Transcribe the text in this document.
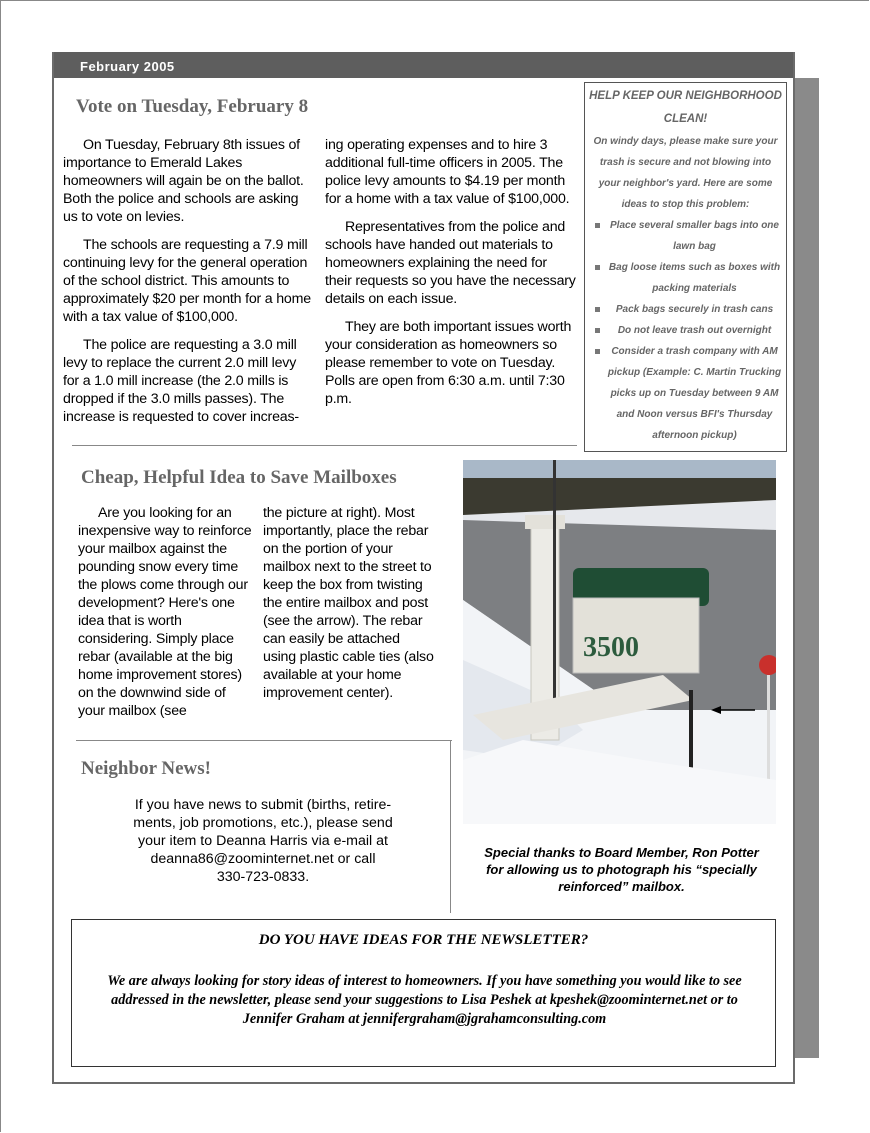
February 2005
Vote on Tuesday, February 8

On Tuesday, February 8th issues of importance to Emerald Lakes homeowners will again be on the ballot. Both the police and schools are asking us to vote on levies.

The schools are requesting a 7.9 mill continuing levy for the general operation of the school district. This amounts to approximately $20 per month for a home with a tax value of $100,000.

The police are requesting a 3.0 mill levy to replace the current 2.0 mill levy for a 1.0 mill increase (the 2.0 mills is dropped if the 3.0 mills passes). The increase is requested to cover increas-

ing operating expenses and to hire 3 additional full-time officers in 2005. The police levy amounts to $4.19 per month for a home with a tax value of $100,000.

Representatives from the police and schools have handed out materials to homeowners explaining the need for their requests so you have the necessary details on each issue.

They are both important issues worth your consideration as homeowners so please remember to vote on Tuesday. Polls are open from 6:30 a.m. until 7:30 p.m.

HELP KEEP OUR NEIGHBORHOOD CLEAN!
On windy days, please make sure your trash is secure and not blowing into your neighbor's yard. Here are some ideas to stop this problem:
Place several smaller bags into one lawn bag
Bag loose items such as boxes with packing materials
Pack bags securely in trash cans
Do not leave trash out overnight
Consider a trash company with AM pickup (Example: C. Martin Trucking picks up on Tuesday between 9 AM and Noon versus BFI's Thursday afternoon pickup)
Cheap, Helpful Idea to Save Mailboxes

Are you looking for an inexpensive way to reinforce your mailbox against the pounding snow every time the plows come through our development? Here's one idea that is worth considering. Simply place rebar (available at the big home improvement stores) on the downwind side of your mailbox (see

the picture at right). Most importantly, place the rebar on the portion of your mailbox next to the street to keep the box from twisting the entire mailbox and post (see the arrow). The rebar can easily be attached using plastic cable ties (also available at your home improvement center).

3500
Special thanks to Board Member, Ron Potter for allowing us to photograph his “specially reinforced” mailbox.
Neighbor News!
If you have news to submit (births, retire-
ments, job promotions, etc.), please send
your item to Deanna Harris via e-mail at
deanna86@zoominternet.net or call
330-723-0833.
DO YOU HAVE IDEAS FOR THE NEWSLETTER?
We are always looking for story ideas of interest to homeowners. If you have something you would like to see addressed in the newsletter, please send your suggestions to Lisa Peshek at kpeshek@zoominternet.net or to Jennifer Graham at jennifergraham@jgrahamconsulting.com
